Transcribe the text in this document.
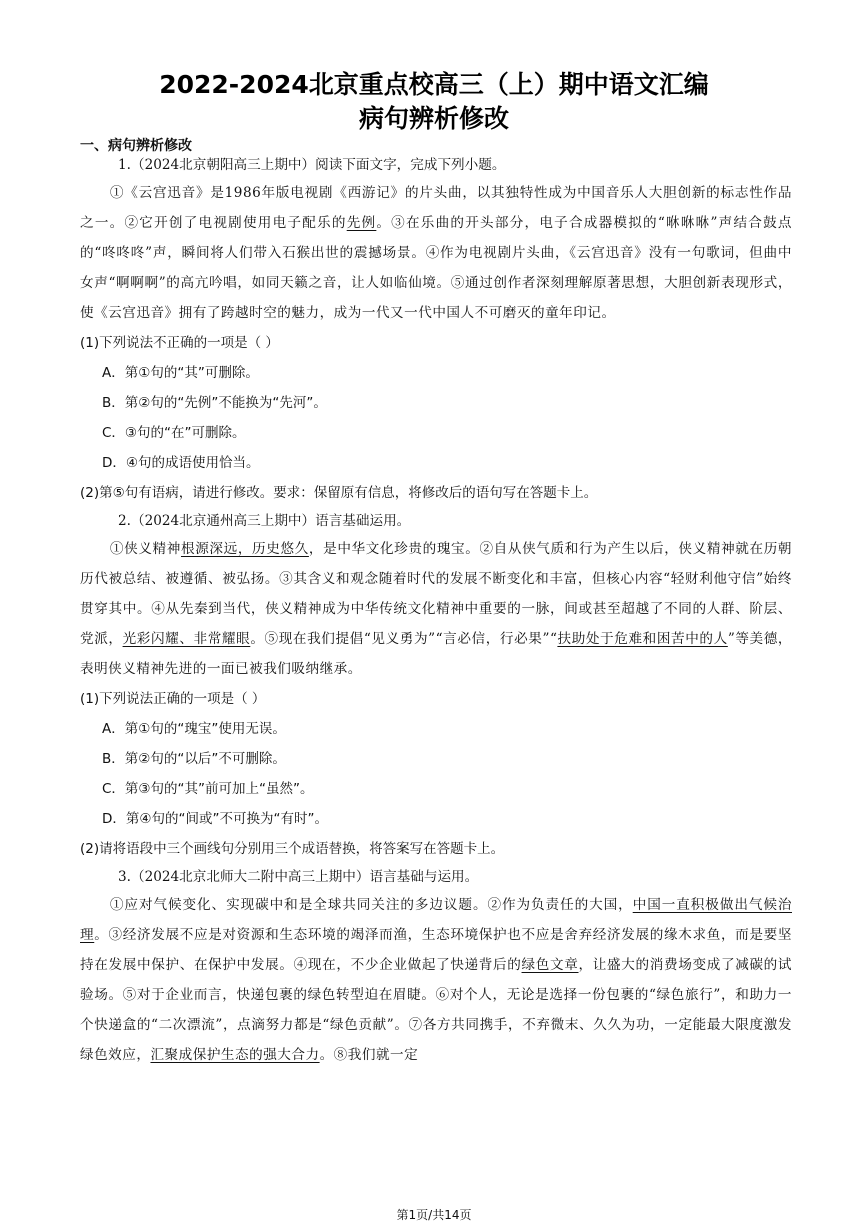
2022-2024北京重点校高三（上）期中语文汇编
病句辨析修改
一、病句辨析修改

1.（2024北京朝阳高三上期中）阅读下面文字，完成下列小题。

①《云宫迅音》是1986年版电视剧《西游记》的片头曲，以其独特性成为中国音乐人大胆创新的标志性作品之一。②它开创了电视剧使用电子配乐的先例。③在乐曲的开头部分，电子合成器模拟的“咻咻咻”声结合鼓点的“咚咚咚”声，瞬间将人们带入石猴出世的震撼场景。④作为电视剧片头曲，《云宫迅音》没有一句歌词，但曲中女声“啊啊啊”的高亢吟唱，如同天籁之音，让人如临仙境。⑤通过创作者深刻理解原著思想，大胆创新表现形式，使《云宫迅音》拥有了跨越时空的魅力，成为一代又一代中国人不可磨灭的童年印记。

(1)下列说法不正确的一项是（ ）

A．第①句的“其”可删除。

B．第②句的“先例”不能换为“先河”。

C．③句的“在”可删除。

D．④句的成语使用恰当。

(2)第⑤句有语病，请进行修改。要求：保留原有信息，将修改后的语句写在答题卡上。

2.（2024北京通州高三上期中）语言基础运用。

①侠义精神根源深远，历史悠久，是中华文化珍贵的瑰宝。②自从侠气质和行为产生以后，侠义精神就在历朝历代被总结、被遵循、被弘扬。③其含义和观念随着时代的发展不断变化和丰富，但核心内容“轻财利他守信”始终贯穿其中。④从先秦到当代，侠义精神成为中华传统文化精神中重要的一脉，间或甚至超越了不同的人群、阶层、党派，光彩闪耀、非常耀眼。⑤现在我们提倡“见义勇为”“言必信，行必果”“扶助处于危难和困苦中的人”等美德，表明侠义精神先进的一面已被我们吸纳继承。

(1)下列说法正确的一项是（ ）

A．第①句的“瑰宝”使用无误。

B．第②句的“以后”不可删除。

C．第③句的“其”前可加上“虽然”。

D．第④句的“间或”不可换为“有时”。

(2)请将语段中三个画线句分别用三个成语替换，将答案写在答题卡上。

3.（2024北京北师大二附中高三上期中）语言基础与运用。

①应对气候变化、实现碳中和是全球共同关注的多边议题。②作为负责任的大国，中国一直积极做出气候治理。③经济发展不应是对资源和生态环境的竭泽而渔，生态环境保护也不应是舍弃经济发展的缘木求鱼，而是要坚持在发展中保护、在保护中发展。④现在，不少企业做起了快递背后的绿色文章，让盛大的消费场变成了减碳的试验场。⑤对于企业而言，快递包裹的绿色转型迫在眉睫。⑥对个人，无论是选择一份包裹的“绿色旅行”，和助力一个快递盒的“二次漂流”，点滴努力都是“绿色贡献”。⑦各方共同携手，不弃微末、久久为功，一定能最大限度激发绿色效应，汇聚成保护生态的强大合力。⑧我们就一定

第1页/共14页
